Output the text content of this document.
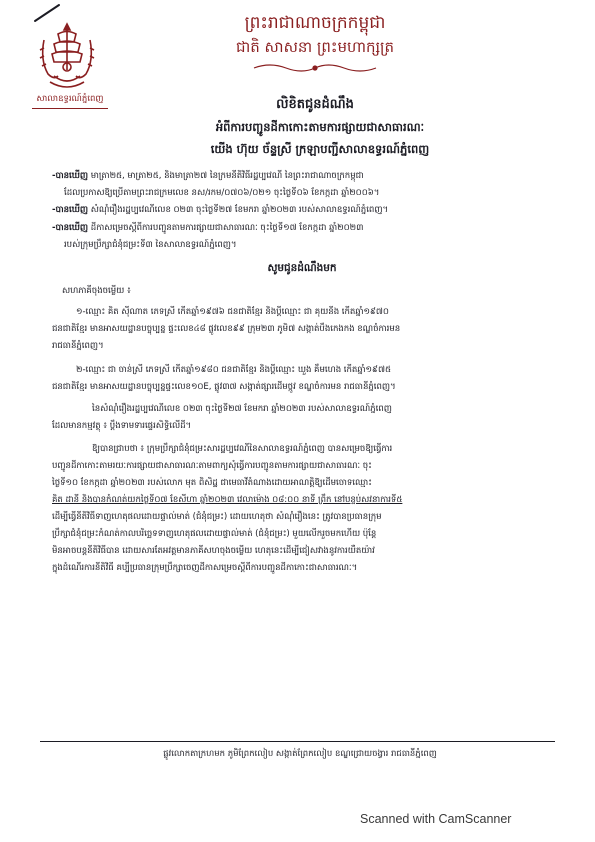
សាលាឧទ្ធរណ៍ភ្នំពេញ
ព្រះរាជាណាចក្រកម្ពុជា
ជាតិ សាសនា ព្រះមហាក្សត្រ
លិខិតជូនដំណឹង
អំពីការបញ្ជូនដីកាកោះតាមការផ្សាយជាសាធារណៈ
យើង ហ៊ុយ ច័ន្ទស្រី ក្រឡាបញ្ជីសាលាឧទ្ធរណ៍ភ្នំពេញ
-បានឃើញ មាត្រា២៥, មាត្រា២៥, និងមាត្រា២៧ នៃក្រមនីតិវិធីរដ្ឋប្បវេណី នៃព្រះរាជាណាចក្រកម្ពុជា
ដែលប្រកាសឱ្យប្រើតាមព្រះរាជក្រមលេខ នស/រកម/០៧០៦/០២១ ចុះថ្ងៃទី០៦ ខែកក្កដា ឆ្នាំ២០០៦។
-បានឃើញ សំណុំរឿងរដ្ឋប្បវេណីលេខ ០២៣ ចុះថ្ងៃទី២៧ ខែមករា ឆ្នាំ២០២៣ របស់សាលាឧទ្ធរណ៍ភ្នំពេញ។
-បានឃើញ ដីកាសម្រេចស្តីពីការបញ្ជូនតាមការផ្សាយជាសាធារណៈ ចុះថ្ងៃទី១៧ ខែកក្កដា ឆ្នាំ២០២៣
របស់ក្រុមប្រឹក្សាជំនុំជម្រះទី៣ នៃសាលាឧទ្ធរណ៍ភ្នំពេញ។
សូមជូនដំណឹងមក
សហភាគីចុងចម្លើយ ៖
១-ឈ្មោះ គិត ស៊ីណាត ភេទស្រី កើតឆ្នាំ១៩៧៦ ជនជាតិខ្មែរ និងប្តីឈ្មោះ ជា គុយនីង កើតឆ្នាំ១៩៧០
ជនជាតិខ្មែរ មានអាសយដ្ឋានបច្ចុប្បន្ន ផ្ទះលេខ៤៨ ផ្លូវលេខ៩៩ ក្រុម២៣ ភូមិ៧ សង្កាត់បឹងកេងកង ខណ្ឌចំការមន
រាជធានីភ្នំពេញ។
២-ឈ្មោះ ជា ចាន់ស្រី ភេទស្រី កើតឆ្នាំ១៩៨០ ជនជាតិខ្មែរ និងប្តីឈ្មោះ ឃួង គឹមហេង កើតឆ្នាំ១៩៧៥
ជនជាតិខ្មែរ មានអាសយដ្ឋានបច្ចុប្បន្នផ្ទះលេខ១០E, ផ្លូវ៣៧ សង្កាត់ផ្សារដើមថ្កូវ ខណ្ឌចំការមន រាជធានីភ្នំពេញ។
នៃសំណុំរឿងរដ្ឋប្បវេណីលេខ ០២៣ ចុះថ្ងៃទី២៧ ខែមករា ឆ្នាំ២០២៣ របស់សាលាឧទ្ធរណ៍ភ្នំពេញ
ដែលមានកម្មវត្ថុ ៖ ប្តឹងទាមទារផ្ទេរសិទ្ធិលើដី។
ឱ្យបានជ្រាបថា ៖ ក្រុមប្រឹក្សាជំនុំជម្រះសារដ្ឋប្បវេណីនៃសាលាឧទ្ធរណ៍ភ្នំពេញ បានសម្រេចឱ្យធ្វើការ
បញ្ជូនដីកាកោះតាមរយៈការផ្សាយជាសាធារណៈតាមពាក្យសុំធ្វើការបញ្ជូនតាមការផ្សាយជាសាធារណៈ ចុះ
ថ្ងៃទី១០ ខែកក្កដា ឆ្នាំ២០២៣ របស់លោក មុត ពិសិដ្ឋ ជាមេធាវីតំណាងដោយអាណត្តិឱ្យដើមចោទឈ្មោះ
គិត ដានី និងបានកំណត់យកថ្ងៃទី០៧ ខែសីហា ឆ្នាំ២០២៣ វេលាម៉ោង ០៨:០០ នាទី ព្រឹក នៅបន្ទប់សវនាការទី៥
ដើម្បីធ្វើនីតិវិធីទាញហេតុផលដោយផ្ទាល់មាត់ (ជំនុំជម្រះ) ដោយហេតុថា សំណុំរឿងនេះ ត្រូវបានប្រធានក្រុម
ប្រឹក្សាជំនុំជម្រះកំណត់កាលបរិច្ឆេទទាញហេតុផលដោយផ្ទាល់មាត់ (ជំនុំជម្រះ) មួយលើករួចមកហើយ ប៉ុន្តែ
មិនអាចបន្តនីតិវិធីបាន ដោយសារតែអវត្តមានភាគីសហចុងចម្លើយ ហេតុនេះដើម្បីជៀសវាងនូវការយឺតយ៉ាវ
ក្នុងដំណើរការនីតិវិធី គប្បីប្រធានក្រុមប្រឹក្សាចេញដីកាសម្រេចស្តីពីការបញ្ជូនដីកាកោះជាសាធារណៈ។
ផ្លូវលោកតាក្រហមក ភូមិព្រែកលៀប សង្កាត់ព្រែកលៀប ខណ្ឌជ្រោយចង្វារ រាជធានីភ្នំពេញ
Scanned with CamScanner
